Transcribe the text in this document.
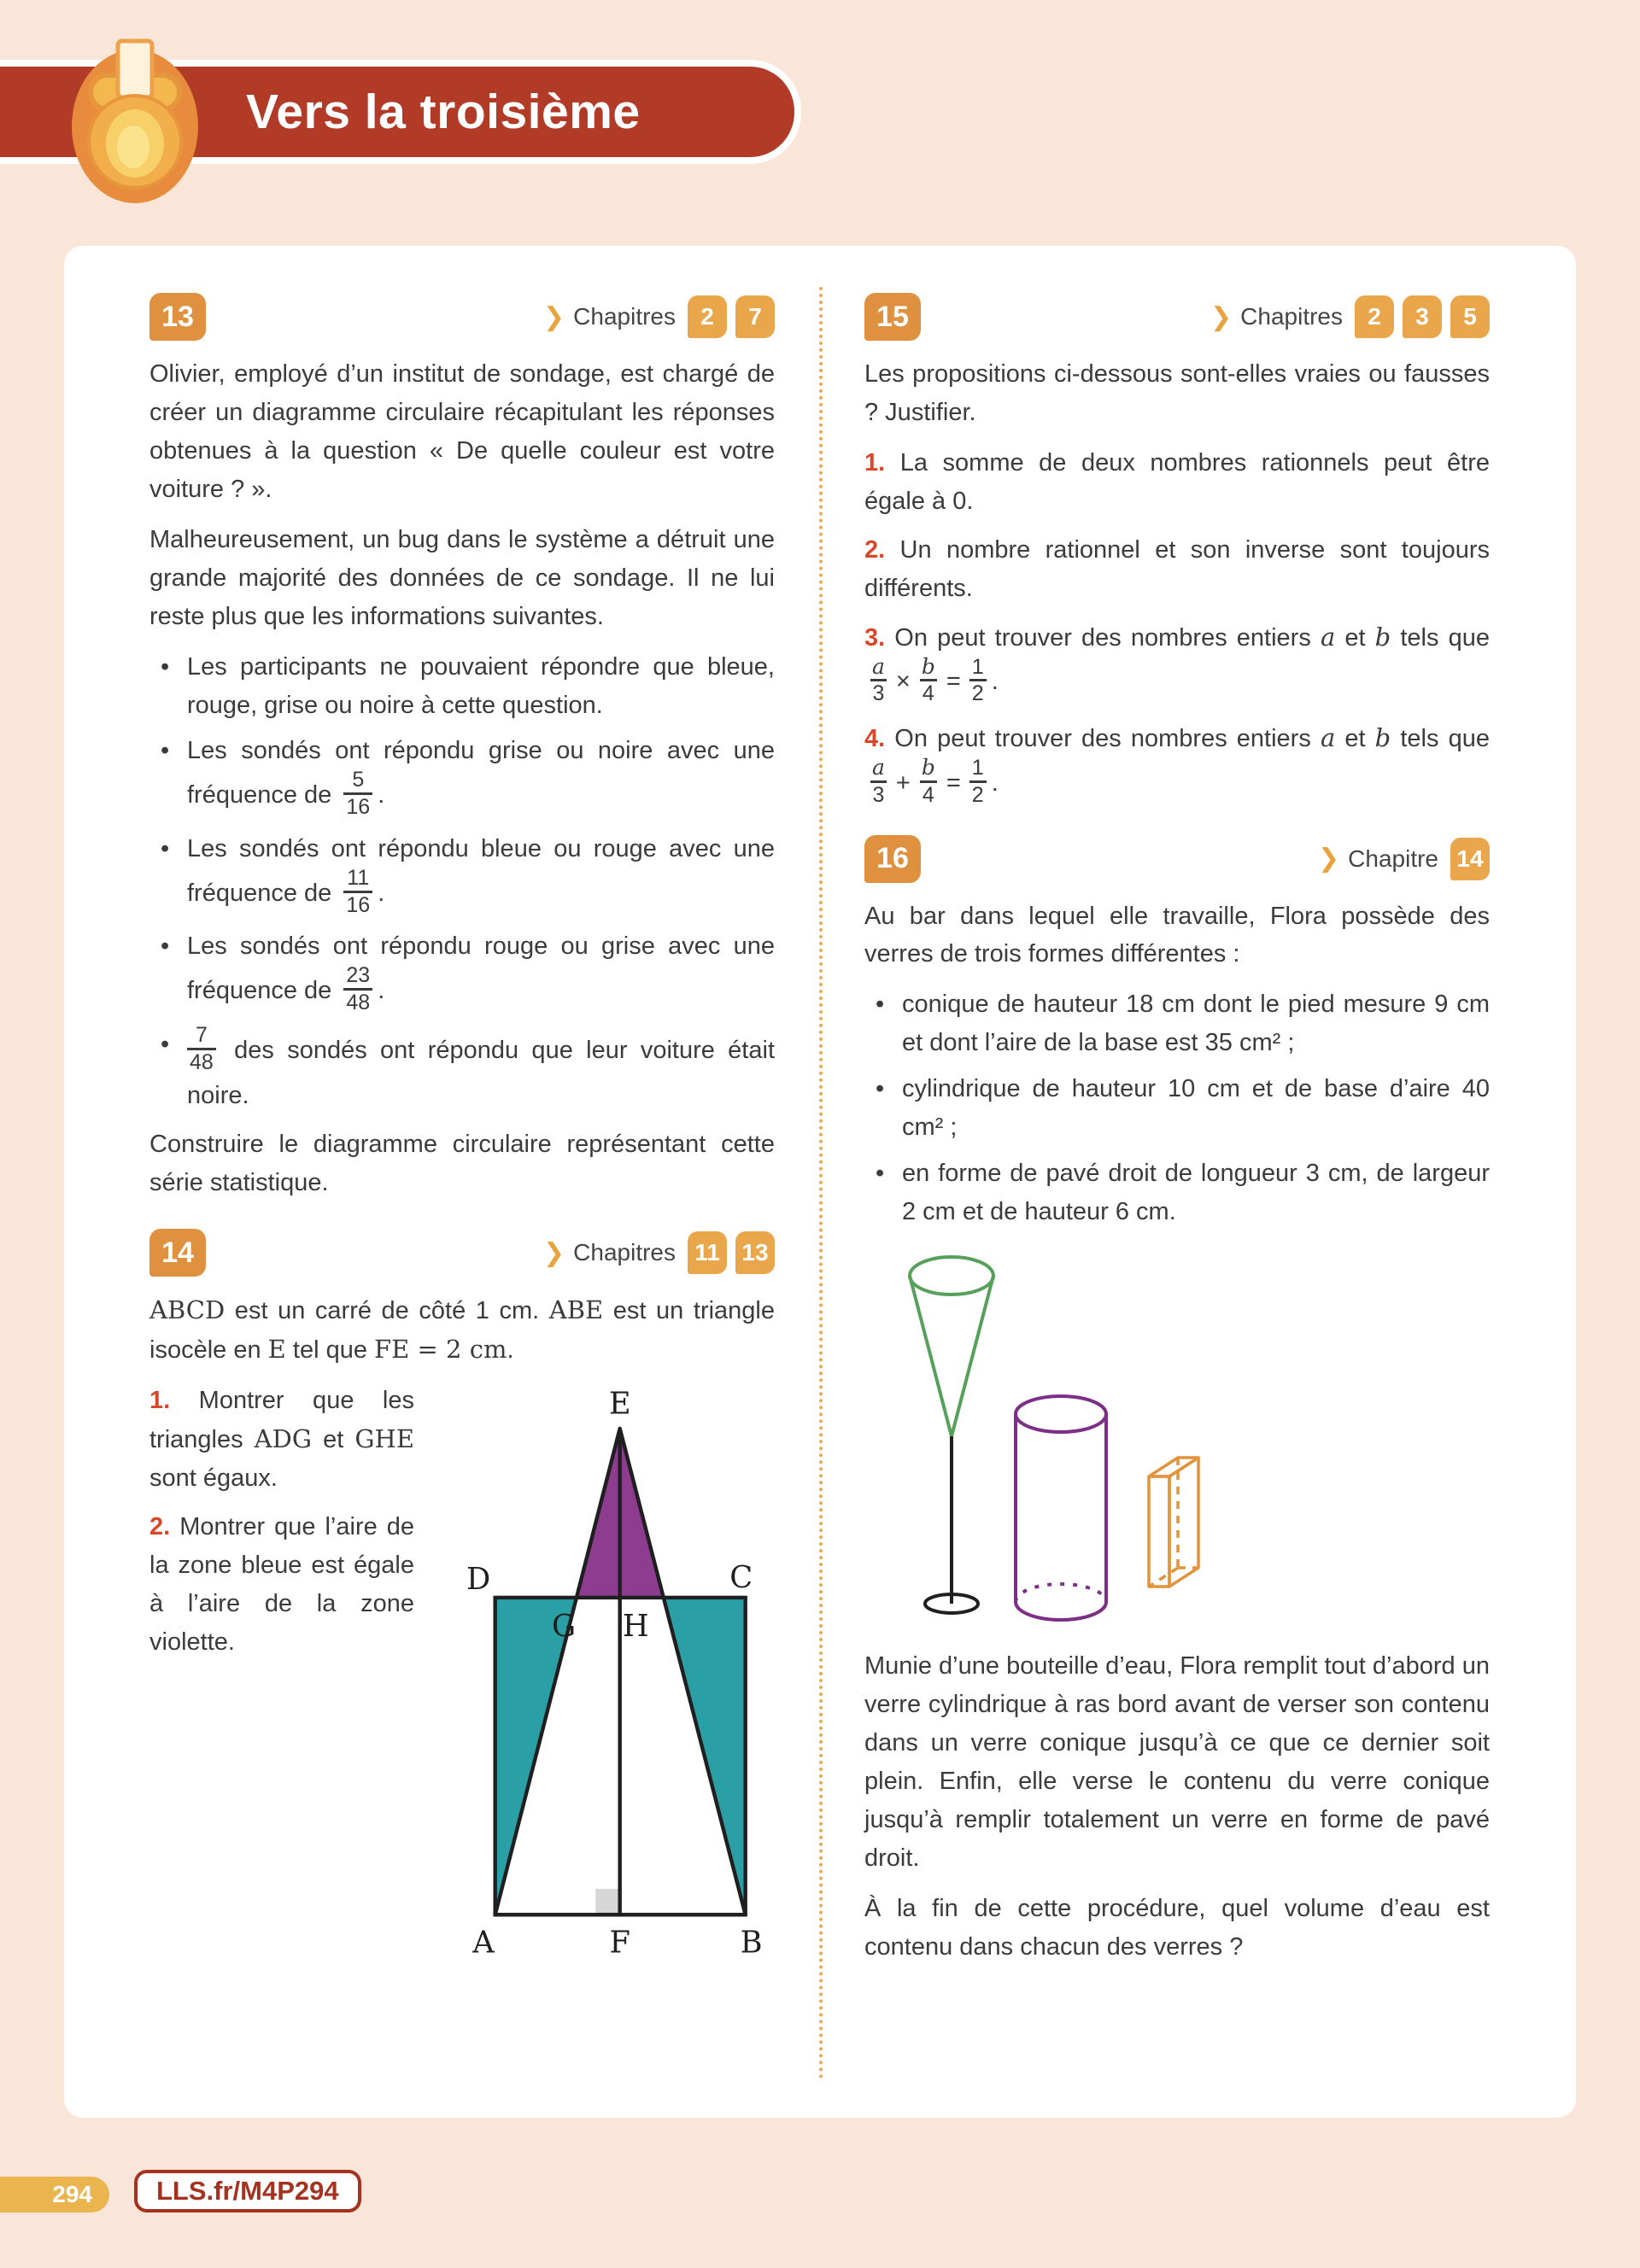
Vers la troisième
13	❯ Chapitres	2	7

Olivier, employé d’un institut de sondage, est chargé de créer un diagramme circulaire récapitulant les réponses obtenues à la question « De quelle couleur est votre voiture ? ».

Malheureusement, un bug dans le système a détruit une grande majorité des données de ce sondage. Il ne lui reste plus que les informations suivantes.

• Les participants ne pouvaient répondre que bleue, rouge, grise ou noire à cette question.
• Les sondés ont répondu grise ou noire avec une fréquence de $\frac{5}{16}$ .
• Les sondés ont répondu bleue ou rouge avec une fréquence de $\frac{11}{16}$ .
• Les sondés ont répondu rouge ou grise avec une fréquence de $\frac{23}{48}$ .
• $\frac{7}{48}$ des sondés ont répondu que leur voiture était noire.

Construire le diagramme circulaire représentant cette série statistique.

14	❯ Chapitres 11 13

ABCD est un carré de côté 1 cm. ABE est un triangle isocèle en E tel que FE = 2 cm.

1. Montrer que les triangles ADG et GHE sont égaux.
2. Montrer que l’aire de la zone bleue est égale à l’aire de la zone violette.
E
D	C
G H
A	F	B
15	❯ Chapitres	2	3	5

Les propositions ci-dessous sont-elles vraies ou fausses ? Justifier.

1. La somme de deux nombres rationnels peut être égale à 0.
2. Un nombre rationnel et son inverse sont toujours différents.
3. On peut trouver des nombres entiers a et b tels que
$\frac{a}{3} \times \frac{b}{4} = \frac{1}{2}$ .
4. On peut trouver des nombres entiers a et b tels que
$\frac{a}{3} + \frac{b}{4} = \frac{1}{2}$ .
16	❯ Chapitre 14

Au bar dans lequel elle travaille, Flora possède des verres de trois formes différentes :

• conique de hauteur 18 cm dont le pied mesure 9 cm et dont l’aire de la base est 35 cm² ;
• cylindrique de hauteur 10 cm et de base d’aire 40 cm² ;
• en forme de pavé droit de longueur 3 cm, de largeur 2 cm et de hauteur 6 cm.

Munie d’une bouteille d’eau, Flora remplit tout d’abord un verre cylindrique à ras bord avant de verser son contenu dans un verre conique jusqu’à ce que ce dernier soit plein. Enfin, elle verse le contenu du verre conique jusqu’à remplir totalement un verre en forme de pavé droit.

À la fin de cette procédure, quel volume d’eau est contenu dans chacun des verres ?

294 LLS.fr/M4P294
